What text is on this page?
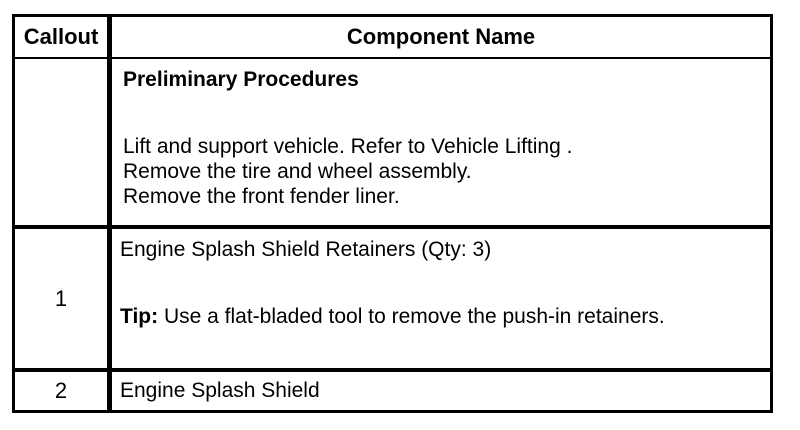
Callout	Component Name

	Preliminary Procedures
Lift and support vehicle. Refer to Vehicle Lifting .
Remove the tire and wheel assembly.
Remove the front fender liner.

1	Engine Splash Shield Retainers (Qty: 3)
Tip: Use a flat-bladed tool to remove the push-in retainers.

2	Engine Splash Shield
